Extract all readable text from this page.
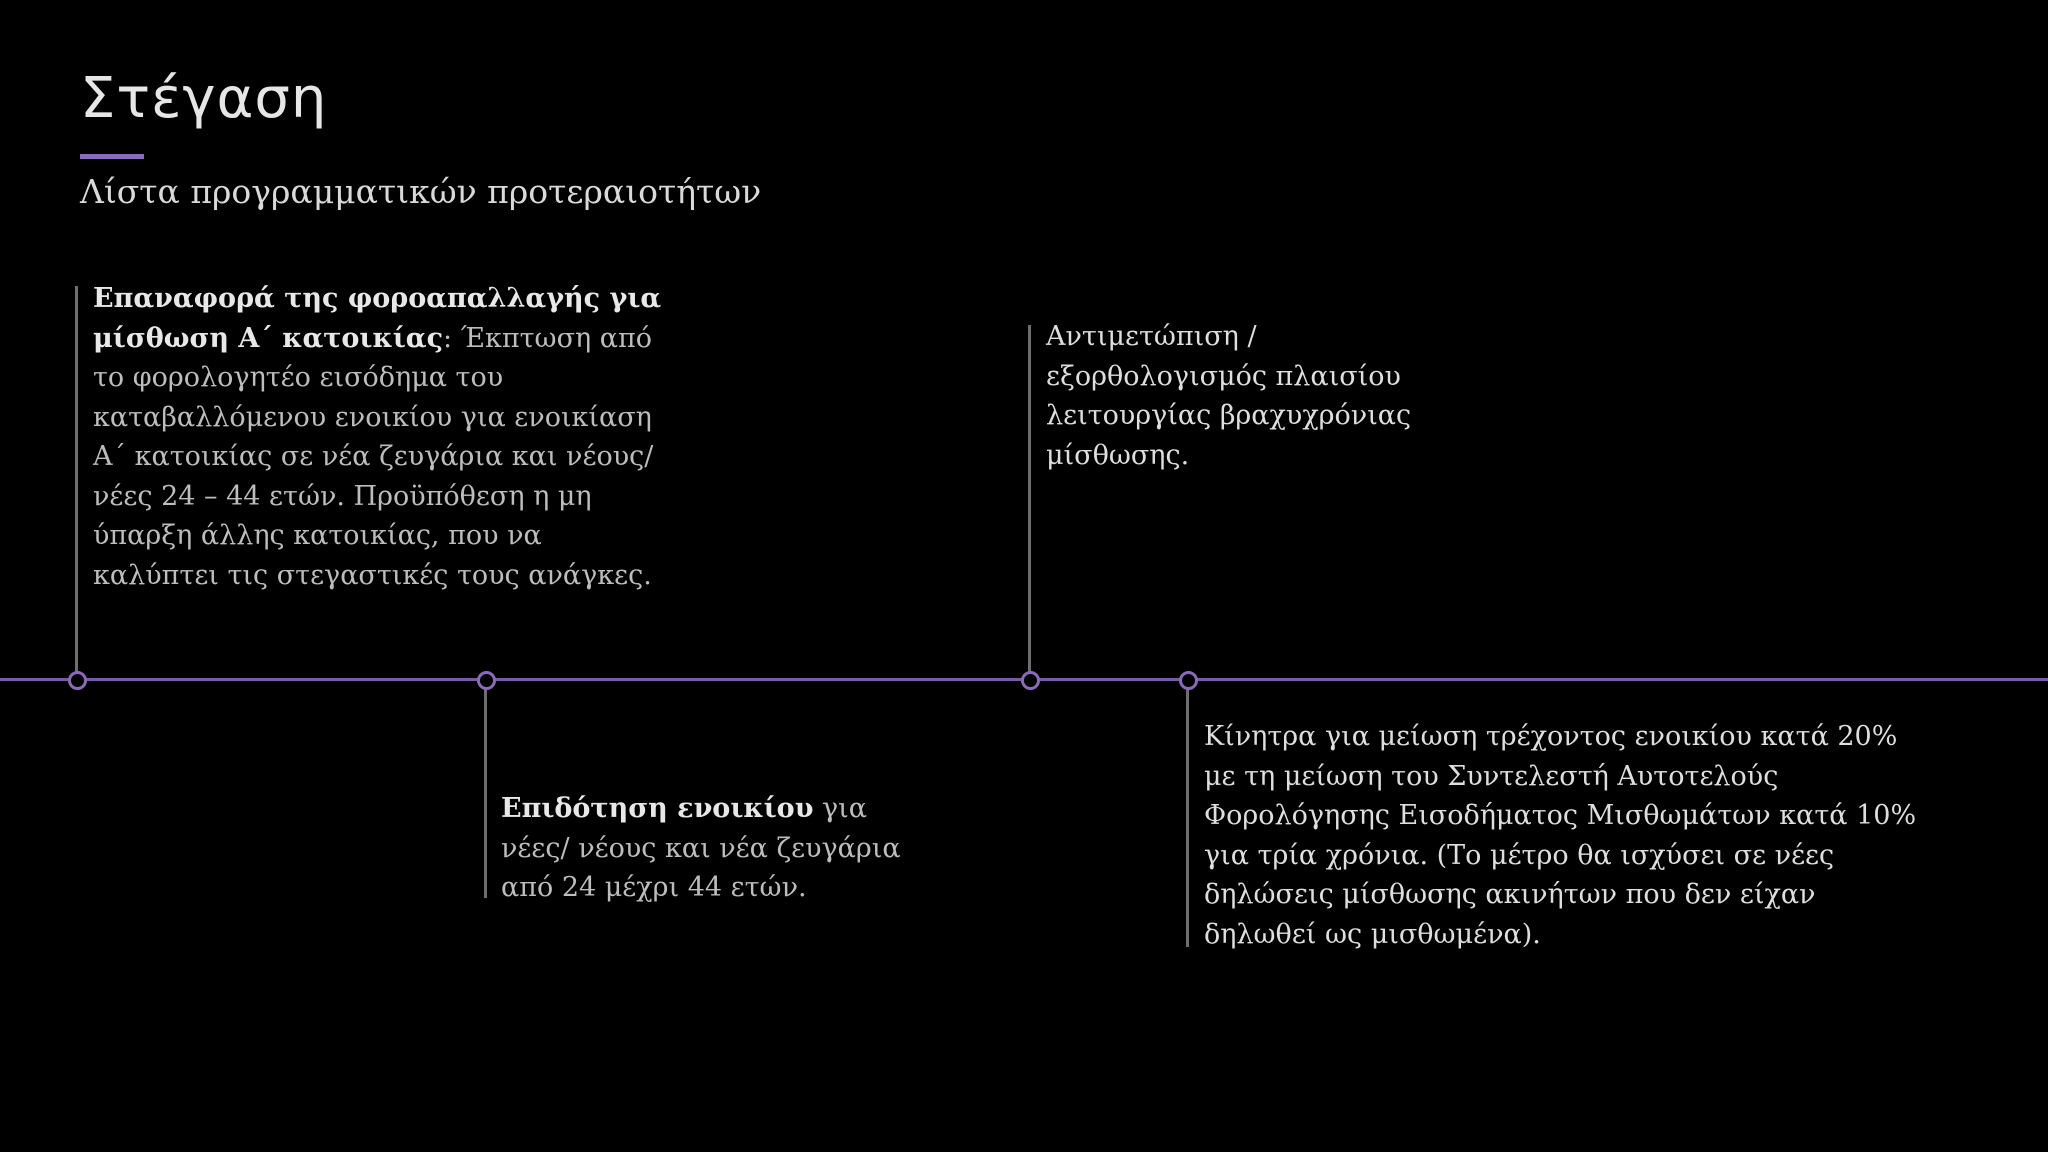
Στέγαση
Λίστα προγραμματικών προτεραιοτήτων
Επαναφορά της φοροαπαλλαγής για μίσθωση Α΄ κατοικίας: Έκπτωση από το φορολογητέο εισόδημα του καταβαλλόμενου ενοικίου για ενοικίαση Α΄ κατοικίας σε νέα ζευγάρια και νέους/νέες 24 – 44 ετών. Προϋπόθεση η μη ύπαρξη άλλης κατοικίας, που να καλύπτει τις στεγαστικές τους ανάγκες.
Επιδότηση ενοικίου για νέες/ νέους και νέα ζευγάρια από 24 μέχρι 44 ετών.
Αντιμετώπιση / εξορθολογισμός πλαισίου λειτουργίας βραχυχρόνιας μίσθωσης.
Κίνητρα για μείωση τρέχοντος ενοικίου κατά 20% με τη μείωση του Συντελεστή Αυτοτελούς Φορολόγησης Εισοδήματος Μισθωμάτων κατά 10% για τρία χρόνια. (Το μέτρο θα ισχύσει σε νέες δηλώσεις μίσθωσης ακινήτων που δεν είχαν δηλωθεί ως μισθωμένα).
